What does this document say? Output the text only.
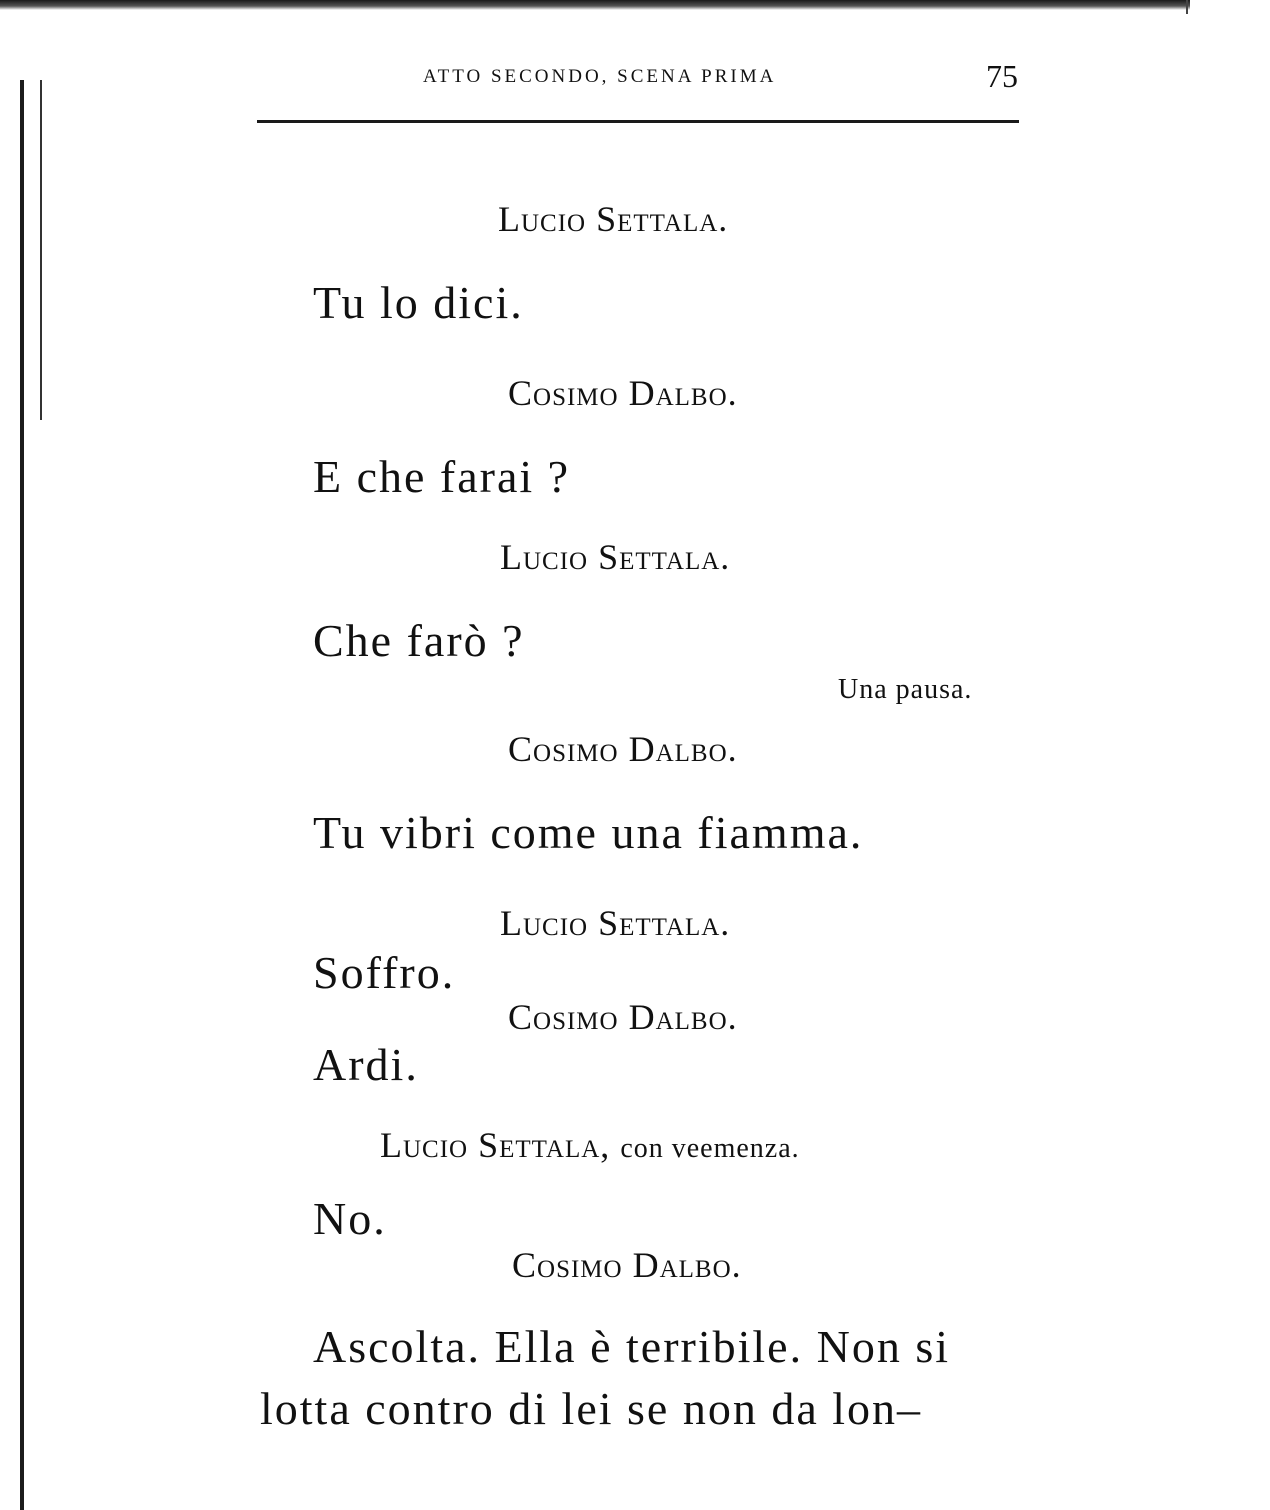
ATTO SECONDO, SCENA PRIMA	75
Lucio Settala.
Tu lo dici.
Cosimo Dalbo.
E che farai ?
Lucio Settala.
Che farò ?
Una pausa.
Cosimo Dalbo.
Tu vibri come una fiamma.
Lucio Settala.
Soffro.
Cosimo Dalbo.
Ardi.
Lucio Settala, con veemenza.
No.
Cosimo Dalbo.
Ascolta. Ella è terribile. Non si
lotta contro di lei se non da lon–
